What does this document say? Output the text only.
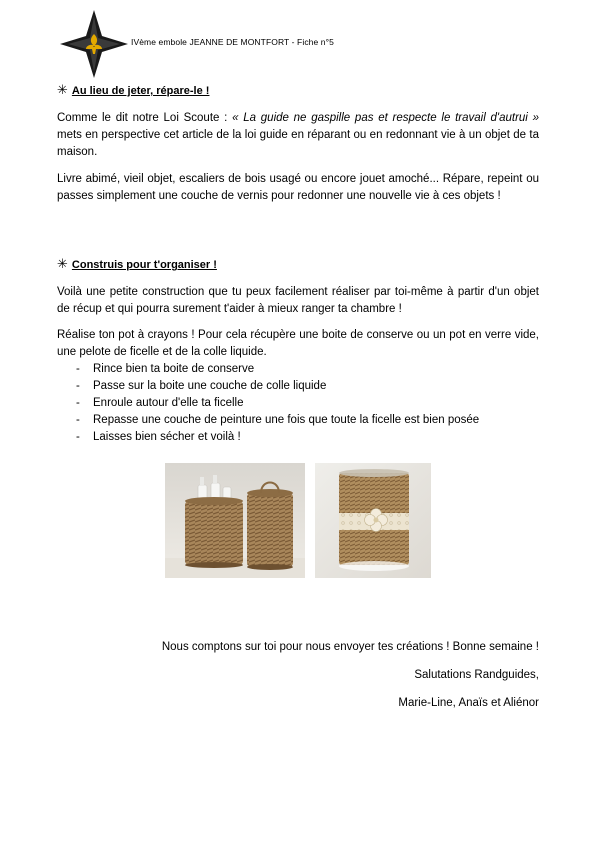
IVème embole JEANNE DE MONTFORT - Fiche n°5
✳ Au lieu de jeter, répare-le !

Comme le dit notre Loi Scoute : « La guide ne gaspille pas et respecte le travail d'autrui » mets en perspective cet article de la loi guide en réparant ou en redonnant vie à un objet de ta maison.

Livre abimé, vieil objet, escaliers de bois usagé ou encore jouet amoché... Répare, repeint ou passes simplement une couche de vernis pour redonner une nouvelle vie à ces objets !

✳ Construis pour t'organiser !

Voilà une petite construction que tu peux facilement réaliser par toi-même à partir d'un objet de récup et qui pourra surement t'aider à mieux ranger ta chambre !

Réalise ton pot à crayons ! Pour cela récupère une boite de conserve ou un pot en verre vide, une pelote de ficelle et de la colle liquide.

- Rince bien ta boite de conserve
- Passe sur la boite une couche de colle liquide
- Enroule autour d'elle ta ficelle
- Repasse une couche de peinture une fois que toute la ficelle est bien posée
- Laisses bien sécher et voilà !
Nous comptons sur toi pour nous envoyer tes créations ! Bonne semaine !
Salutations Randguides,
Marie-Line, Anaïs et Aliénor
